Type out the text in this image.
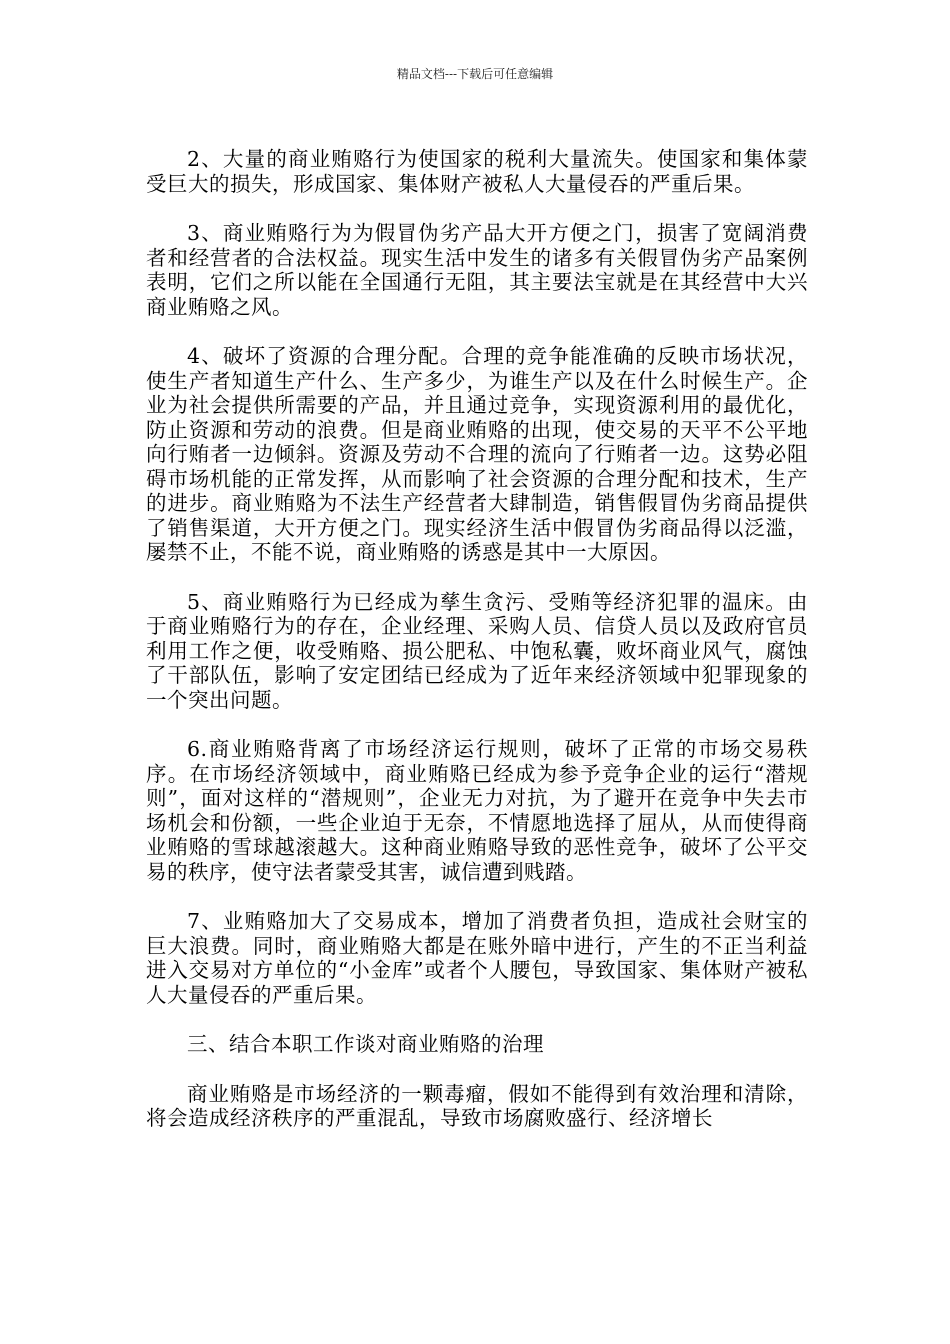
精品文档---下载后可任意编辑

2、大量的商业贿赂行为使国家的税利大量流失。使国家和集体蒙受巨大的损失，形成国家、集体财产被私人大量侵吞的严重后果。

3、商业贿赂行为为假冒伪劣产品大开方便之门，损害了宽阔消费者和经营者的合法权益。现实生活中发生的诸多有关假冒伪劣产品案例表明，它们之所以能在全国通行无阻，其主要法宝就是在其经营中大兴商业贿赂之风。

4、破坏了资源的合理分配。合理的竞争能准确的反映市场状况，使生产者知道生产什么、生产多少，为谁生产以及在什么时候生产。企业为社会提供所需要的产品，并且通过竞争，实现资源利用的最优化，防止资源和劳动的浪费。但是商业贿赂的出现，使交易的天平不公平地向行贿者一边倾斜。资源及劳动不合理的流向了行贿者一边。这势必阻碍市场机能的正常发挥，从而影响了社会资源的合理分配和技术，生产的进步。商业贿赂为不法生产经营者大肆制造，销售假冒伪劣商品提供了销售渠道，大开方便之门。现实经济生活中假冒伪劣商品得以泛滥，屡禁不止，不能不说，商业贿赂的诱惑是其中一大原因。

5、商业贿赂行为已经成为孳生贪污、受贿等经济犯罪的温床。由于商业贿赂行为的存在，企业经理、采购人员、信贷人员以及政府官员利用工作之便，收受贿赂、损公肥私、中饱私囊，败坏商业风气，腐蚀了干部队伍，影响了安定团结已经成为了近年来经济领域中犯罪现象的一个突出问题。

6.商业贿赂背离了市场经济运行规则，破坏了正常的市场交易秩序。在市场经济领域中，商业贿赂已经成为参予竞争企业的运行“潜规则”，面对这样的“潜规则”，企业无力对抗，为了避开在竞争中失去市场机会和份额，一些企业迫于无奈，不情愿地选择了屈从，从而使得商业贿赂的雪球越滚越大。这种商业贿赂导致的恶性竞争，破坏了公平交易的秩序，使守法者蒙受其害，诚信遭到贱踏。

7、业贿赂加大了交易成本，增加了消费者负担，造成社会财宝的巨大浪费。同时，商业贿赂大都是在账外暗中进行，产生的不正当利益进入交易对方单位的“小金库”或者个人腰包，导致国家、集体财产被私人大量侵吞的严重后果。

三、结合本职工作谈对商业贿赂的治理

商业贿赂是市场经济的一颗毒瘤，假如不能得到有效治理和清除，将会造成经济秩序的严重混乱，导致市场腐败盛行、经济增长
